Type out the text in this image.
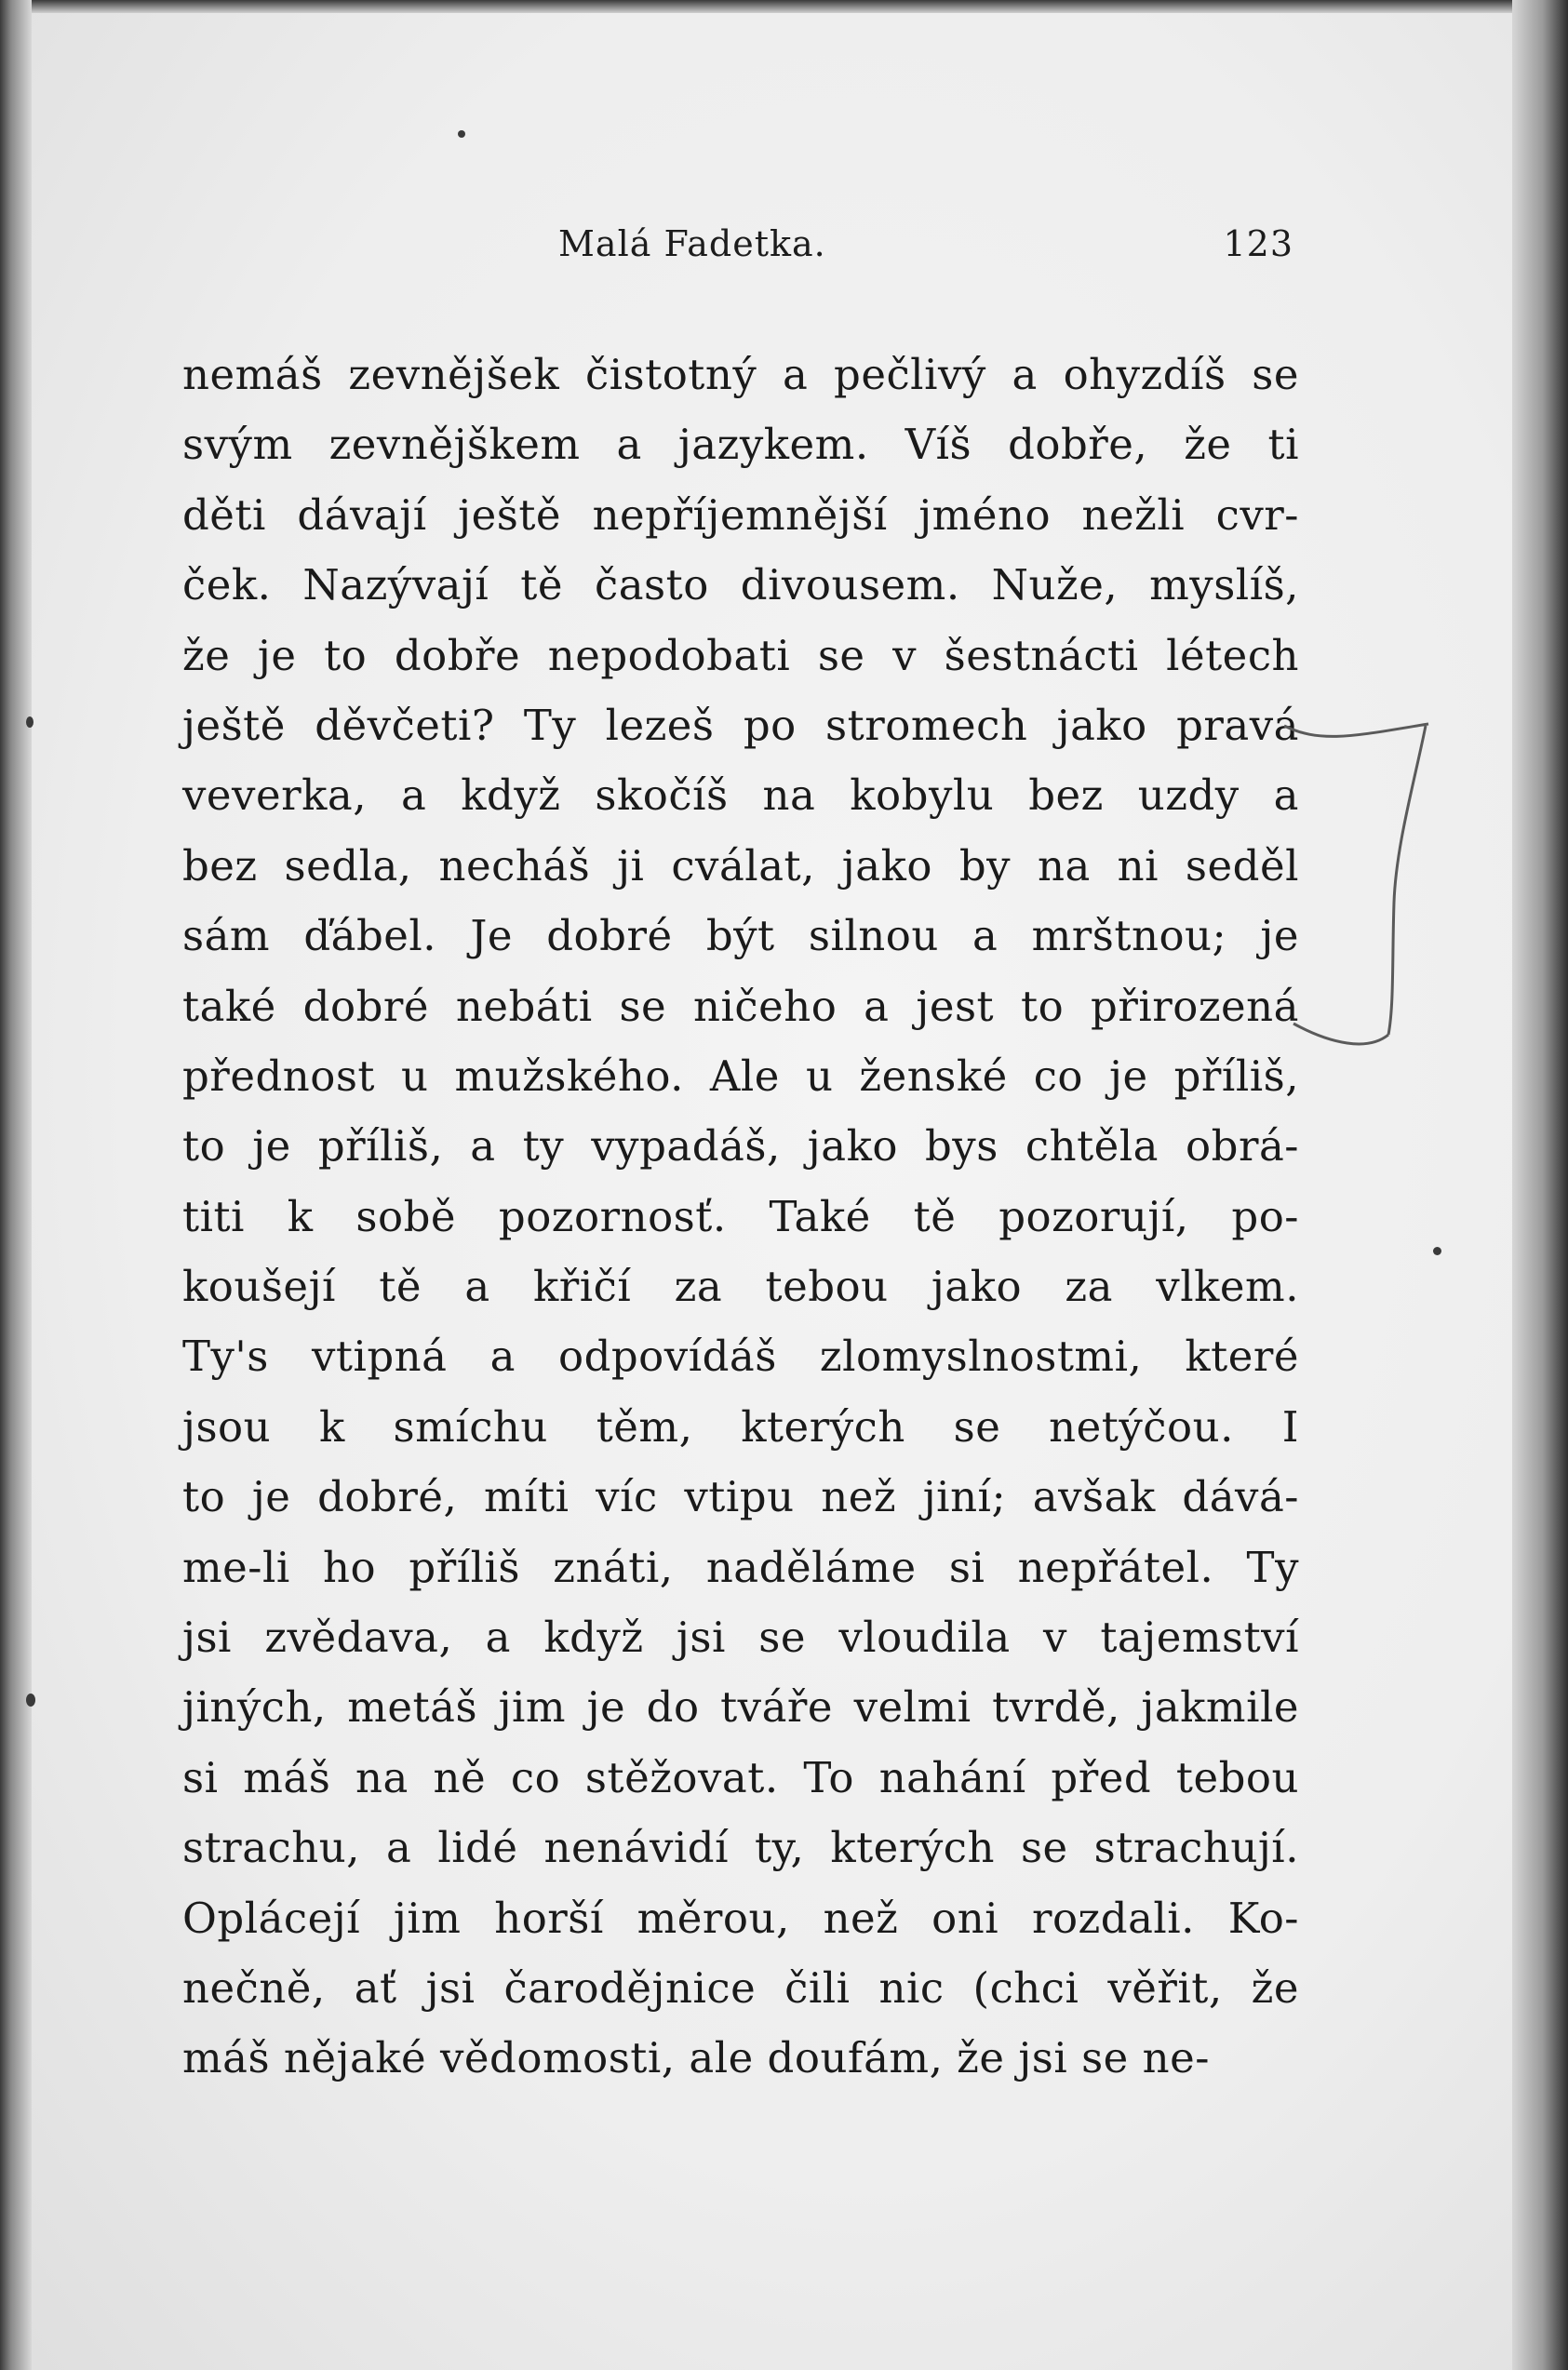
Malá Fadetka.	123
nemáš zevnějšek čistotný a pečlivý a ohyzdíš se
svým zevnějškem a jazykem. Víš dobře, že ti
děti dávají ještě nepříjemnější jméno nežli cvr-
ček. Nazývají tě často divousem. Nuže, myslíš,
že je to dobře nepodobati se v šestnácti létech
ještě děvčeti? Ty lezeš po stromech jako pravá
veverka, a když skočíš na kobylu bez uzdy a
bez sedla, necháš ji cválat, jako by na ni seděl
sám ďábel. Je dobré být silnou a mrštnou; je
také dobré nebáti se ničeho a jest to přirozená
přednost u mužského. Ale u ženské co je příliš,
to je příliš, a ty vypadáš, jako bys chtěla obrá-
titi k sobě pozornosť. Také tě pozorují, po-
koušejí tě a křičí za tebou jako za vlkem.
Ty's vtipná a odpovídáš zlomyslnostmi, které
jsou k smíchu těm, kterých se netýčou. I
to je dobré, míti víc vtipu než jiní; avšak dává-
me-li ho příliš znáti, naděláme si nepřátel. Ty
jsi zvědava, a když jsi se vloudila v tajemství
jiných, metáš jim je do tváře velmi tvrdě, jakmile
si máš na ně co stěžovat. To nahání před tebou
strachu, a lidé nenávidí ty, kterých se strachují.
Oplácejí jim horší měrou, než oni rozdali. Ko-
nečně, ať jsi čarodějnice čili nic (chci věřit, že
máš nějaké vědomosti, ale doufám, že jsi se ne-
